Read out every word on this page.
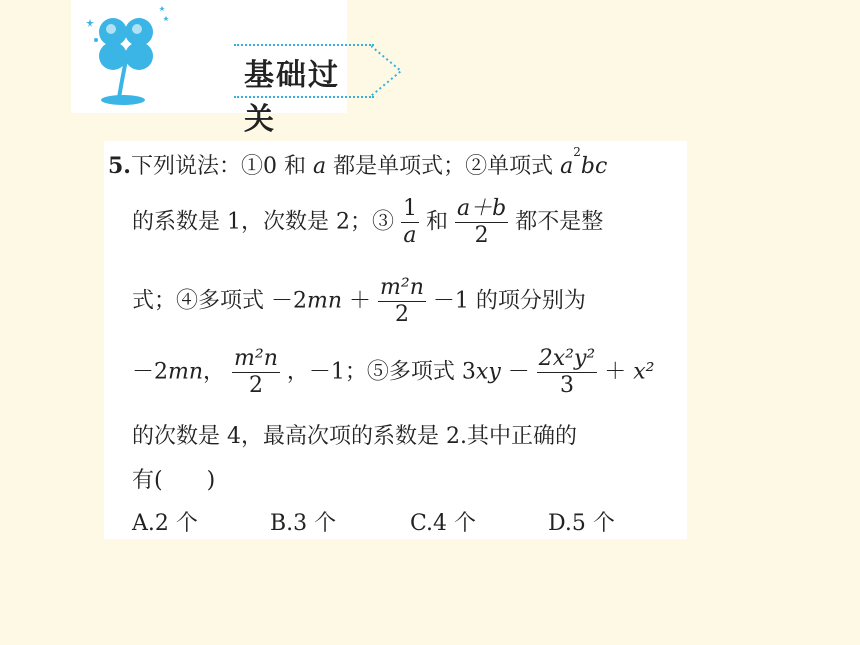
基础过关
5.下列说法：①0 和 a 都是单项式；②单项式 $a^2bc$
的系数是 1，次数是 2；③ $\frac{1}{a}$ 和 $\frac{a+b}{2}$ 都不是整
式；④多项式 $-2mn + \frac{\text{m²n}}{2} -1$ 的项分别为
－2mn， $\frac{\text{m²n}}{2}$ ，－1；⑤多项式 $3xy - \frac{\text{2x²y²}}{3} + x^2$
的次数是 4，最高次项的系数是 2.其中正确的
有(　　)
A.2 个	B.3 个	C.4 个	D.5 个
